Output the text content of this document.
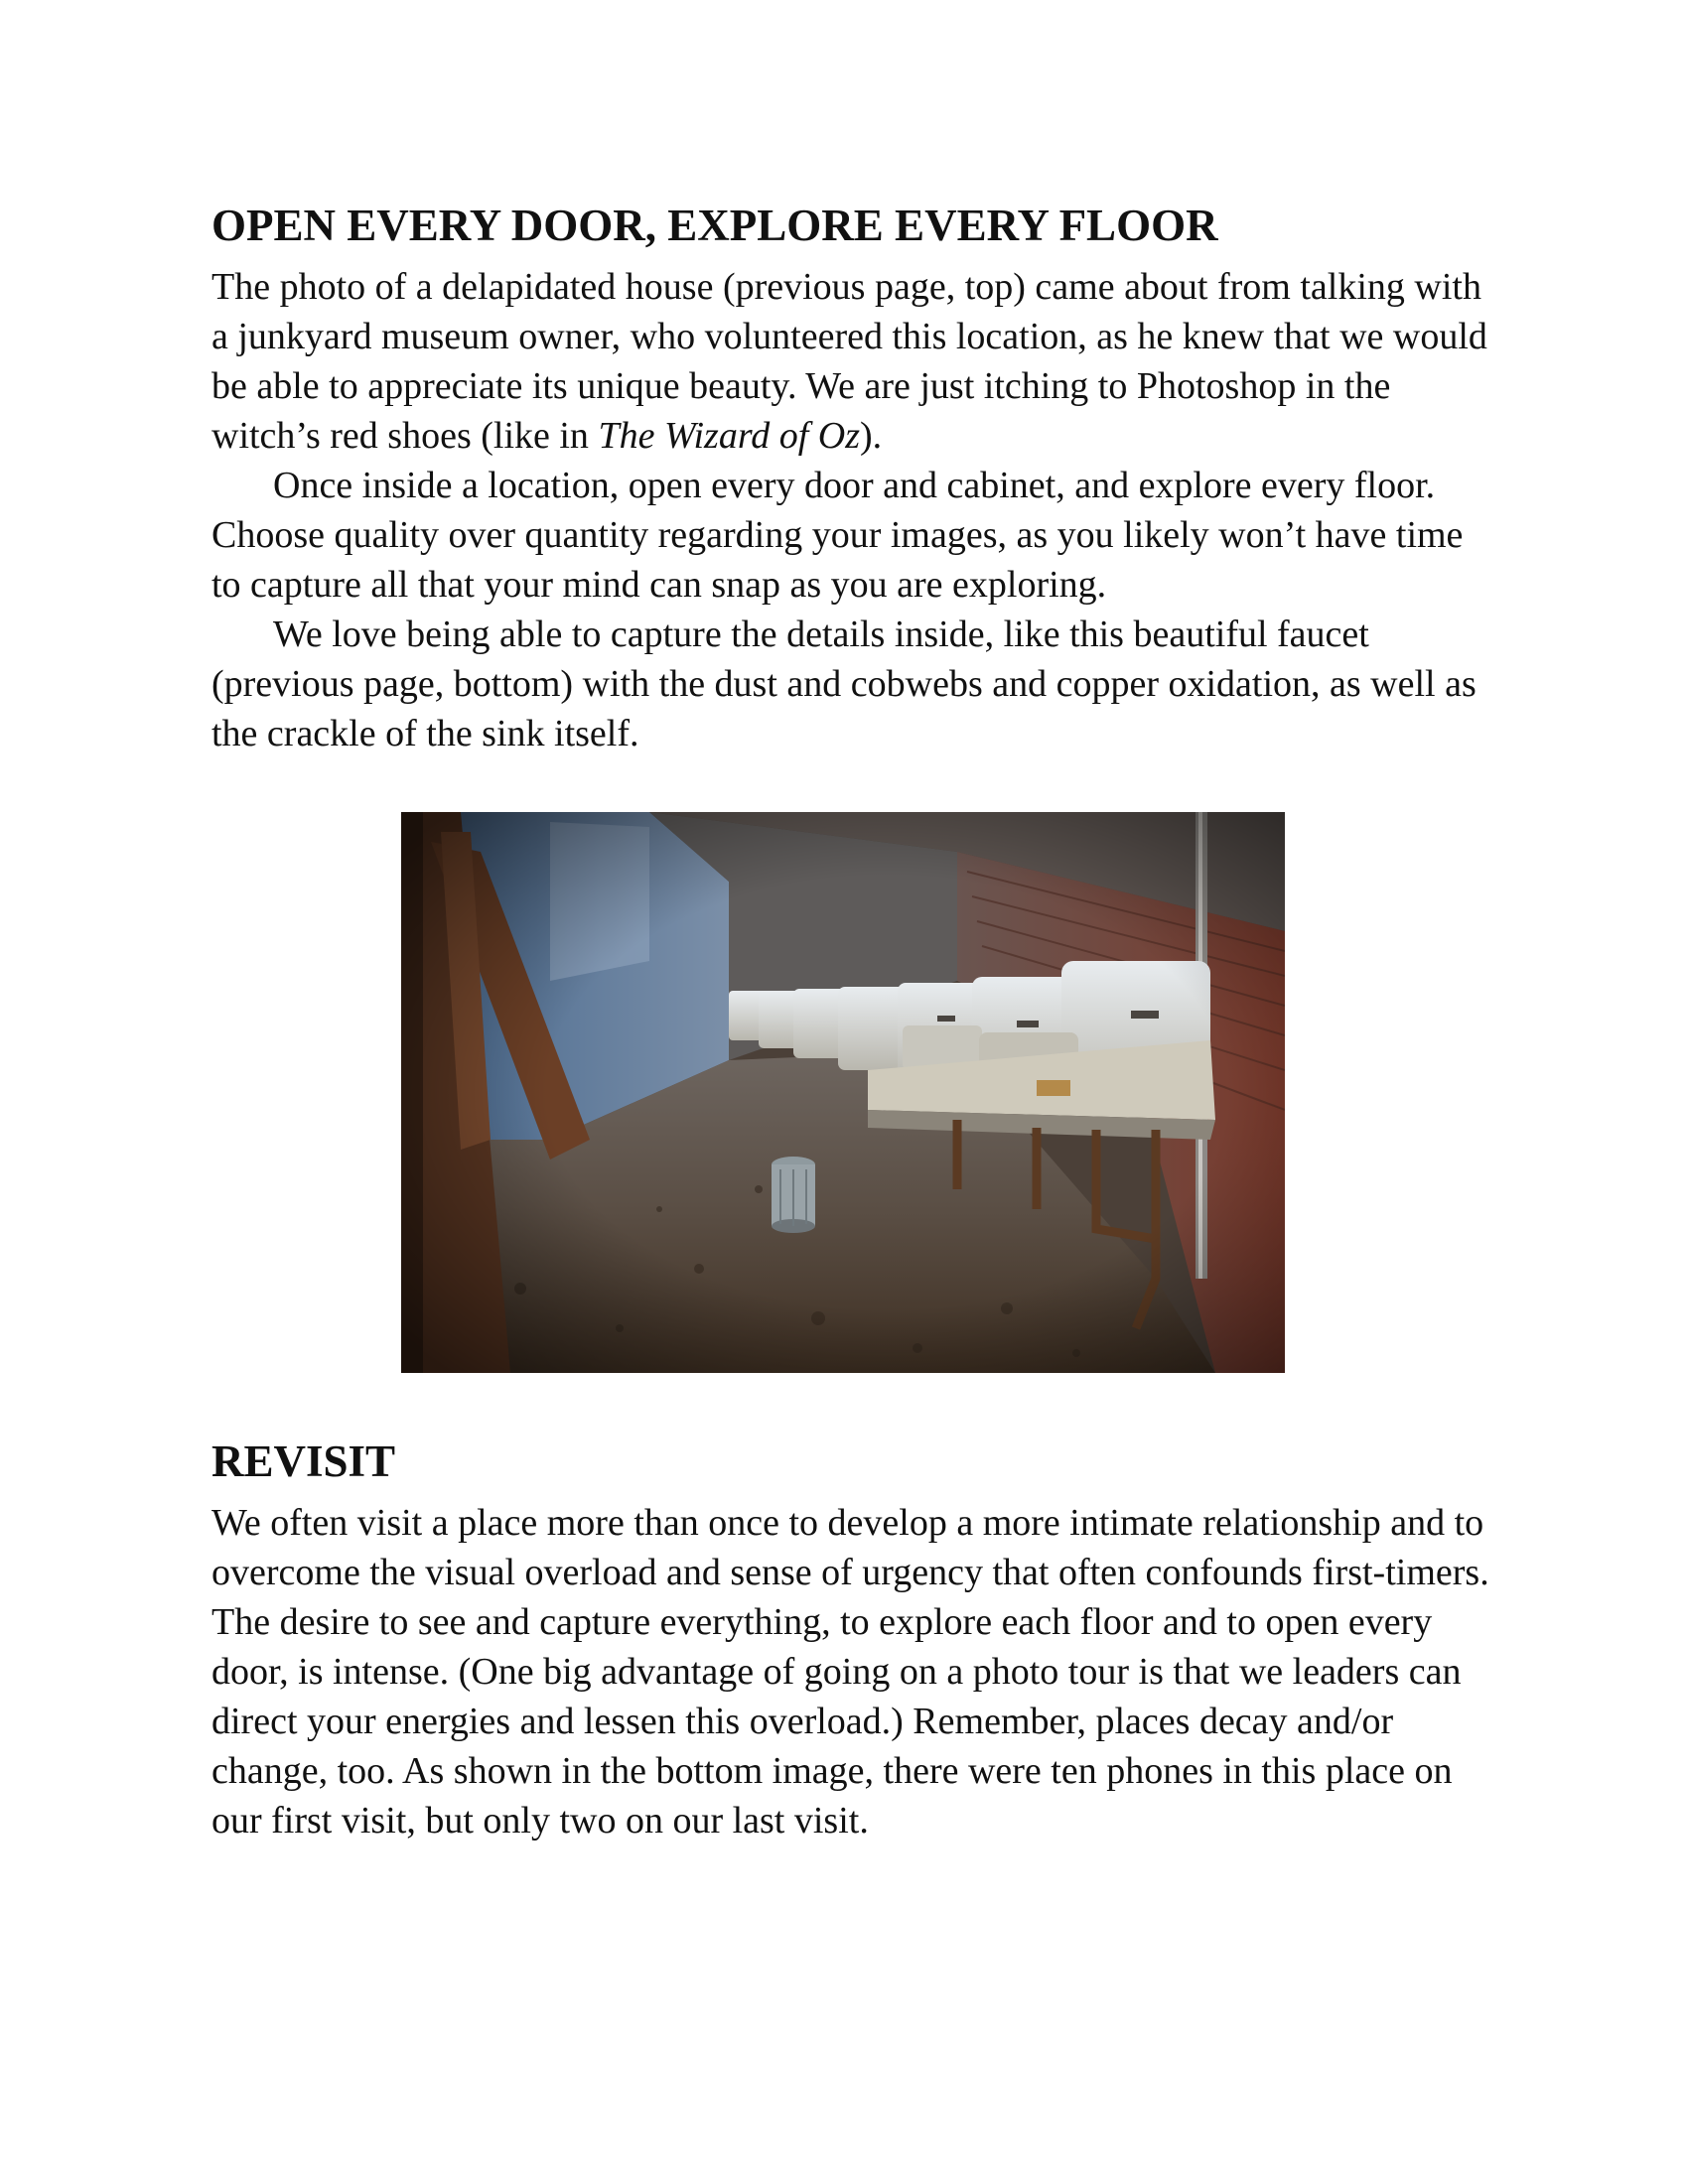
OPEN EVERY DOOR, EXPLORE EVERY FLOOR

The photo of a delapidated house (previous page, top) came about from talking with a junkyard museum owner, who volunteered this location, as he knew that we would be able to appreciate its unique beauty. We are just itching to Photoshop in the witch’s red shoes (like in The Wizard of Oz).

Once inside a location, open every door and cabinet, and explore every floor. Choose quality over quantity regarding your images, as you likely won’t have time to capture all that your mind can snap as you are exploring.

We love being able to capture the details inside, like this beautiful faucet (previous page, bottom) with the dust and cobwebs and copper oxidation, as well as the crackle of the sink itself.

REVISIT

We often visit a place more than once to develop a more intimate relationship and to overcome the visual overload and sense of urgency that often confounds first-timers. The desire to see and capture everything, to explore each floor and to open every door, is intense. (One big advantage of going on a photo tour is that we leaders can direct your energies and lessen this overload.) Remember, places decay and/or change, too. As shown in the bottom image, there were ten phones in this place on our first visit, but only two on our last visit.
